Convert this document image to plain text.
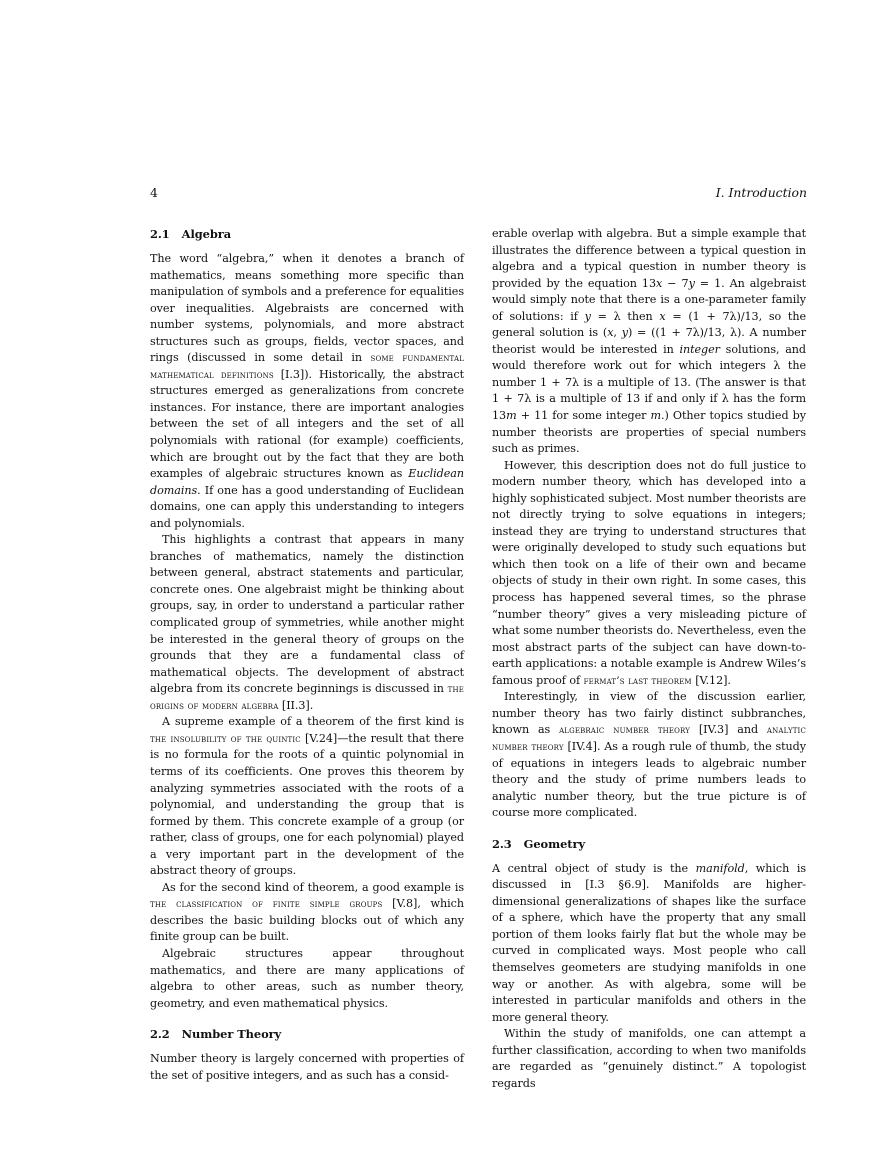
4	I. Introduction
2.1 Algebra

The word “algebra,” when it denotes a branch of mathematics, means something more specific than manipulation of symbols and a preference for equalities over inequalities. Algebraists are concerned with number systems, polynomials, and more abstract structures such as groups, fields, vector spaces, and rings (discussed in some detail in some fundamental mathematical definitions [I.3]). Historically, the abstract structures emerged as generalizations from concrete instances. For instance, there are important analogies between the set of all integers and the set of all polynomials with rational (for example) coefficients, which are brought out by the fact that they are both examples of algebraic structures known as Euclidean domains. If one has a good understanding of Euclidean domains, one can apply this understanding to integers and polynomials.

This highlights a contrast that appears in many branches of mathematics, namely the distinction between general, abstract statements and particular, concrete ones. One algebraist might be thinking about groups, say, in order to understand a particular rather complicated group of symmetries, while another might be interested in the general theory of groups on the grounds that they are a fundamental class of mathematical objects. The development of abstract algebra from its concrete beginnings is discussed in the origins of modern algebra [II.3].

A supreme example of a theorem of the first kind is the insolubility of the quintic [V.24]—the result that there is no formula for the roots of a quintic polynomial in terms of its coefficients. One proves this theorem by analyzing symmetries associated with the roots of a polynomial, and understanding the group that is formed by them. This concrete example of a group (or rather, class of groups, one for each polynomial) played a very important part in the development of the abstract theory of groups.

As for the second kind of theorem, a good example is the classification of finite simple groups [V.8], which describes the basic building blocks out of which any finite group can be built.

Algebraic structures appear throughout mathematics, and there are many applications of algebra to other areas, such as number theory, geometry, and even mathematical physics.

2.2 Number Theory

Number theory is largely concerned with properties of the set of positive integers, and as such has a consid-

erable overlap with algebra. But a simple example that illustrates the difference between a typical question in algebra and a typical question in number theory is provided by the equation 13x − 7y = 1. An algebraist would simply note that there is a one-parameter family of solutions: if y = λ then x = (1 + 7λ)/13, so the general solution is (x, y) = ((1 + 7λ)/13, λ). A number theorist would be interested in integer solutions, and would therefore work out for which integers λ the number 1 + 7λ is a multiple of 13. (The answer is that 1 + 7λ is a multiple of 13 if and only if λ has the form 13m + 11 for some integer m.) Other topics studied by number theorists are properties of special numbers such as primes.

However, this description does not do full justice to modern number theory, which has developed into a highly sophisticated subject. Most number theorists are not directly trying to solve equations in integers; instead they are trying to understand structures that were originally developed to study such equations but which then took on a life of their own and became objects of study in their own right. In some cases, this process has happened several times, so the phrase “number theory” gives a very misleading picture of what some number theorists do. Nevertheless, even the most abstract parts of the subject can have down-to-earth applications: a notable example is Andrew Wiles’s famous proof of fermat’s last theorem [V.12].

Interestingly, in view of the discussion earlier, number theory has two fairly distinct subbranches, known as algebraic number theory [IV.3] and analytic number theory [IV.4]. As a rough rule of thumb, the study of equations in integers leads to algebraic number theory and the study of prime numbers leads to analytic number theory, but the true picture is of course more complicated.

2.3 Geometry

A central object of study is the manifold, which is discussed in [I.3 §6.9]. Manifolds are higher-dimensional generalizations of shapes like the surface of a sphere, which have the property that any small portion of them looks fairly flat but the whole may be curved in complicated ways. Most people who call themselves geometers are studying manifolds in one way or another. As with algebra, some will be interested in particular manifolds and others in the more general theory.

Within the study of manifolds, one can attempt a further classification, according to when two manifolds are regarded as “genuinely distinct.” A topologist regards
